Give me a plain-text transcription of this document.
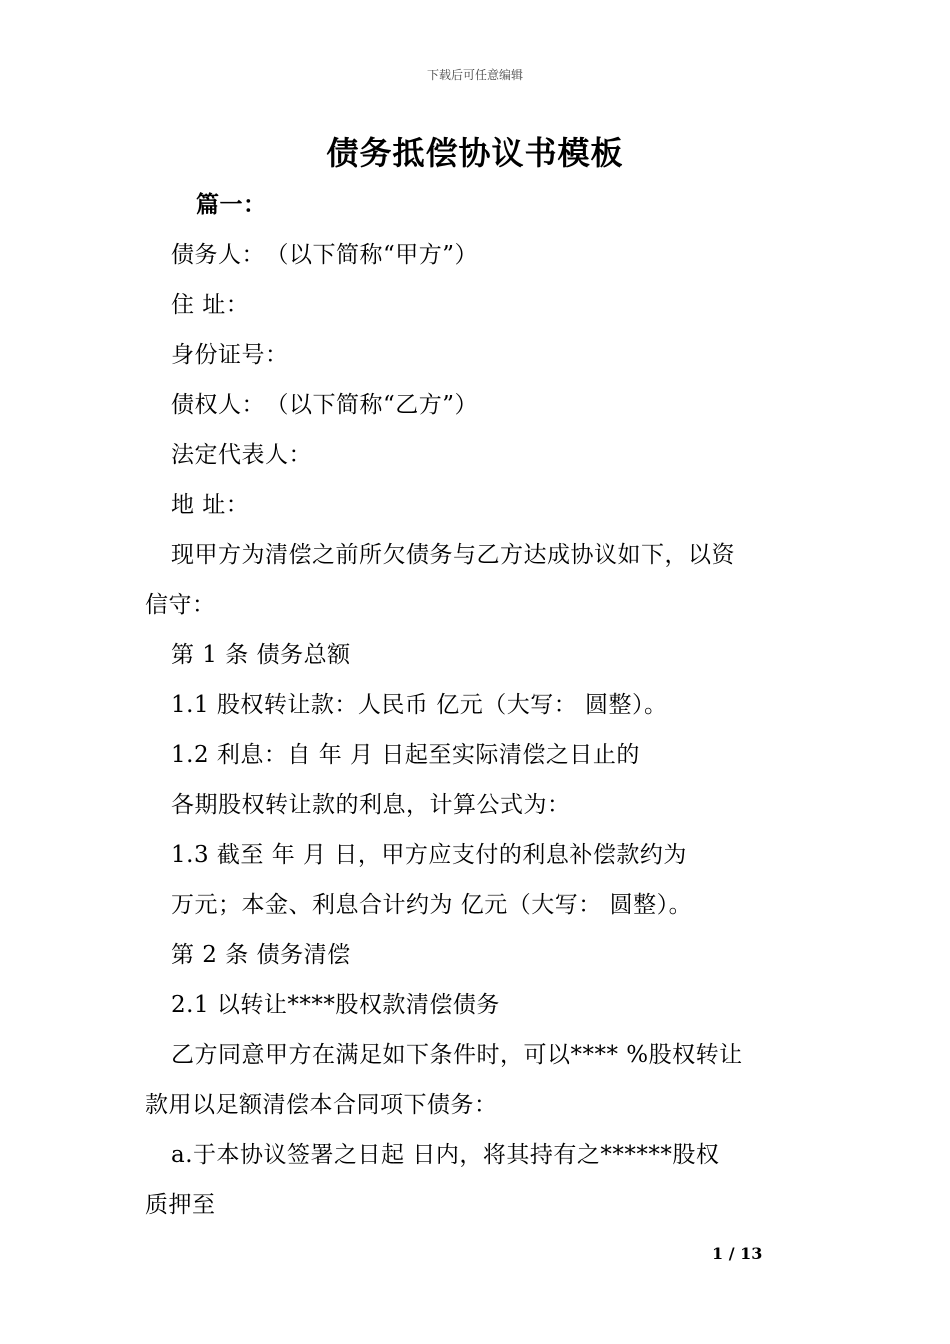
下载后可任意编辑
债务抵偿协议书模板
篇一：
债务人：　（以下简称“甲方”）
住 址：
身份证号：
债权人：　（以下简称“乙方”）
法定代表人：
地 址：
现甲方为清偿之前所欠债务与乙方达成协议如下，以资
信守：
第 1 条 债务总额
1.1 股权转让款：人民币 亿元（大写： 圆整）。
1.2 利息：自 年 月 日起至实际清偿之日止的
各期股权转让款的利息，计算公式为：
1.3 截至 年 月 日，甲方应支付的利息补偿款约为
万元；本金、利息合计约为 亿元（大写： 圆整）。
第 2 条 债务清偿
2.1 以转让****股权款清偿债务
乙方同意甲方在满足如下条件时，可以**** %股权转让
款用以足额清偿本合同项下债务：
a.于本协议签署之日起 日内，将其持有之******股权
质押至
1 / 13
